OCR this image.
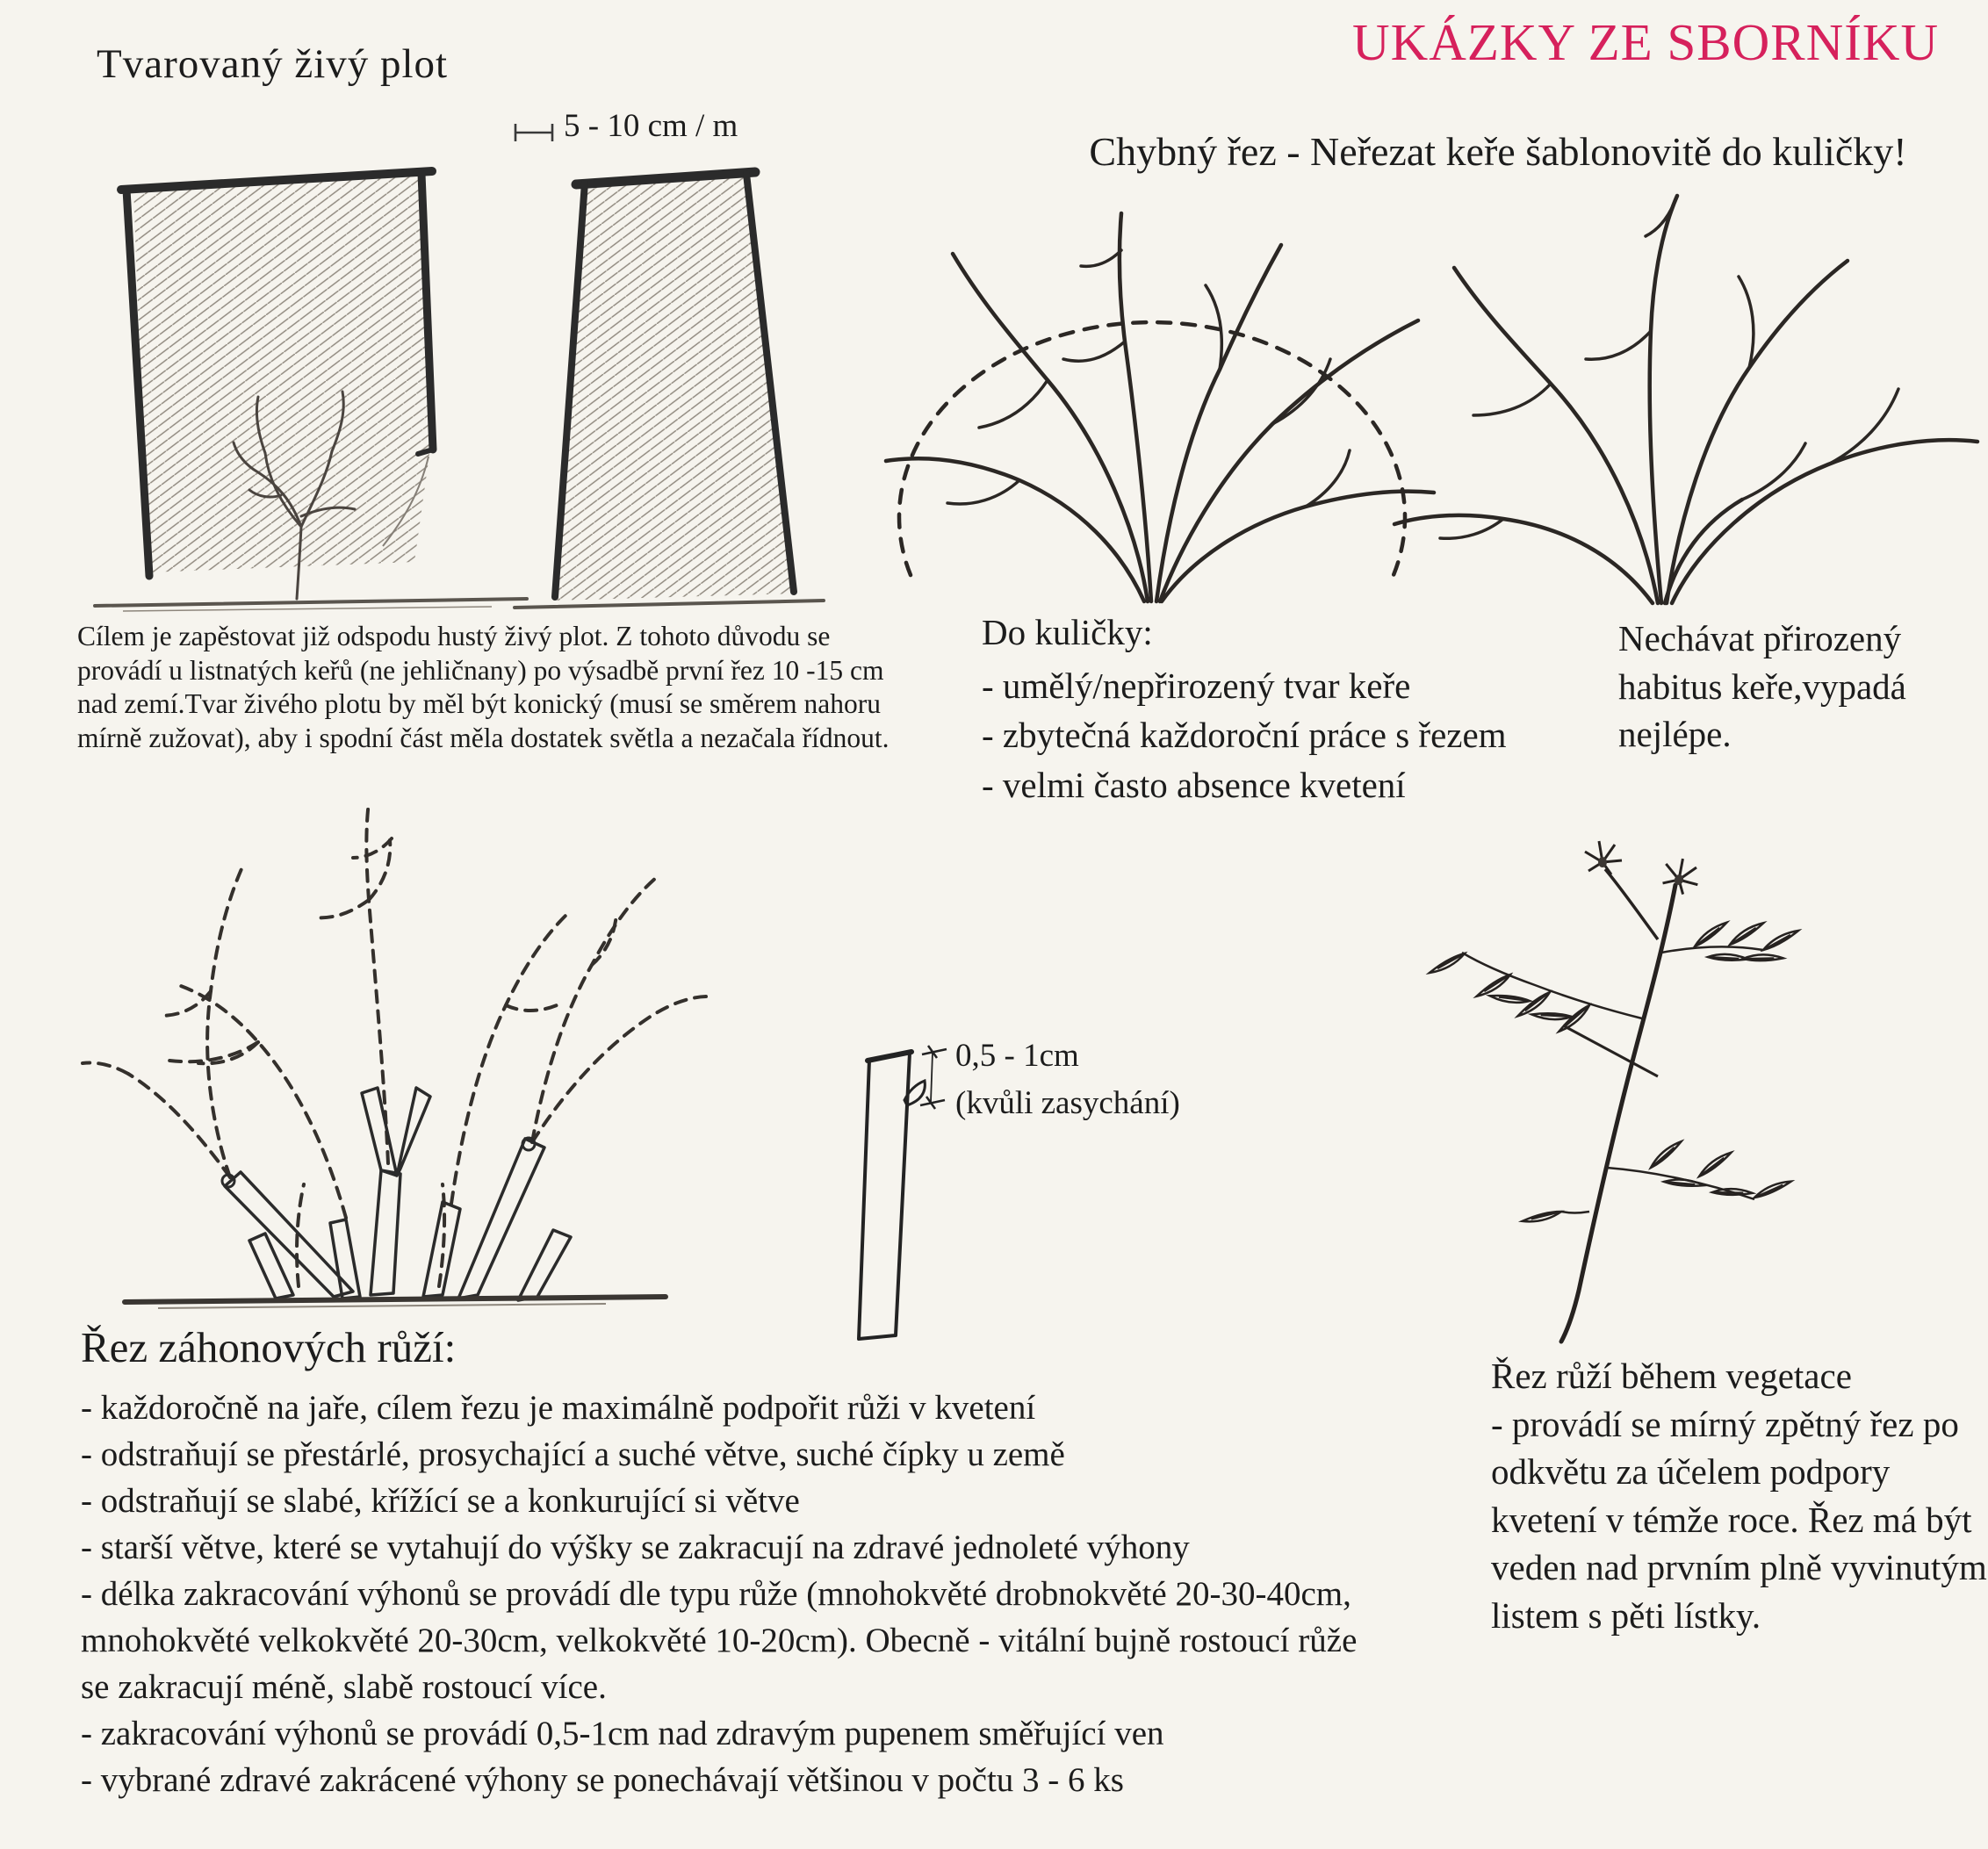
Tvarovaný živý plot	UKÁZKY ZE SBORNÍKU
Chybný řez - Neřezat keře šablonovitě do kuličky!
5 - 10 cm / m
Cílem je zapěstovat již odspodu hustý živý plot. Z tohoto důvodu se provádí u listnatých keřů (ne jehličnany) po výsadbě první řez 10 -15 cm nad zemí.Tvar živého plotu by měl být konický (musí se směrem nahoru mírně zužovat), aby i spodní část měla dostatek světla a nezačala řídnout.
Do kuličky:
- umělý/nepřirozený tvar keře
- zbytečná každoroční práce s řezem
- velmi často absence kvetení
Nechávat přirozený habitus keře,vypadá nejlépe.
0,5 - 1cm
(kvůli zasychání)
Řez záhonových růží:

- každoročně na jaře, cílem řezu je maximálně podpořit růži v kvetení

- odstraňují se přestárlé, prosychající a suché větve, suché čípky u země

- odstraňují se slabé, křížící se a konkurující si větve

- starší větve, které se vytahují do výšky se zakracují na zdravé jednoleté výhony

- délka zakracování výhonů se provádí dle typu růže (mnohokvěté drobnokvěté 20-30-40cm, mnohokvěté velkokvěté 20-30cm, velkokvěté 10-20cm). Obecně - vitální bujně rostoucí růže se zakracují méně, slabě rostoucí více.

- zakracování výhonů se provádí 0,5-1cm nad zdravým pupenem směřující ven

- vybrané zdravé zakrácené výhony se ponechávají většinou v počtu 3 - 6 ks

Řez růží během vegetace
- provádí se mírný zpětný řez po odkvětu za účelem podpory kvetení v témže roce. Řez má být veden nad prvním plně vyvinutým listem s pěti lístky.
